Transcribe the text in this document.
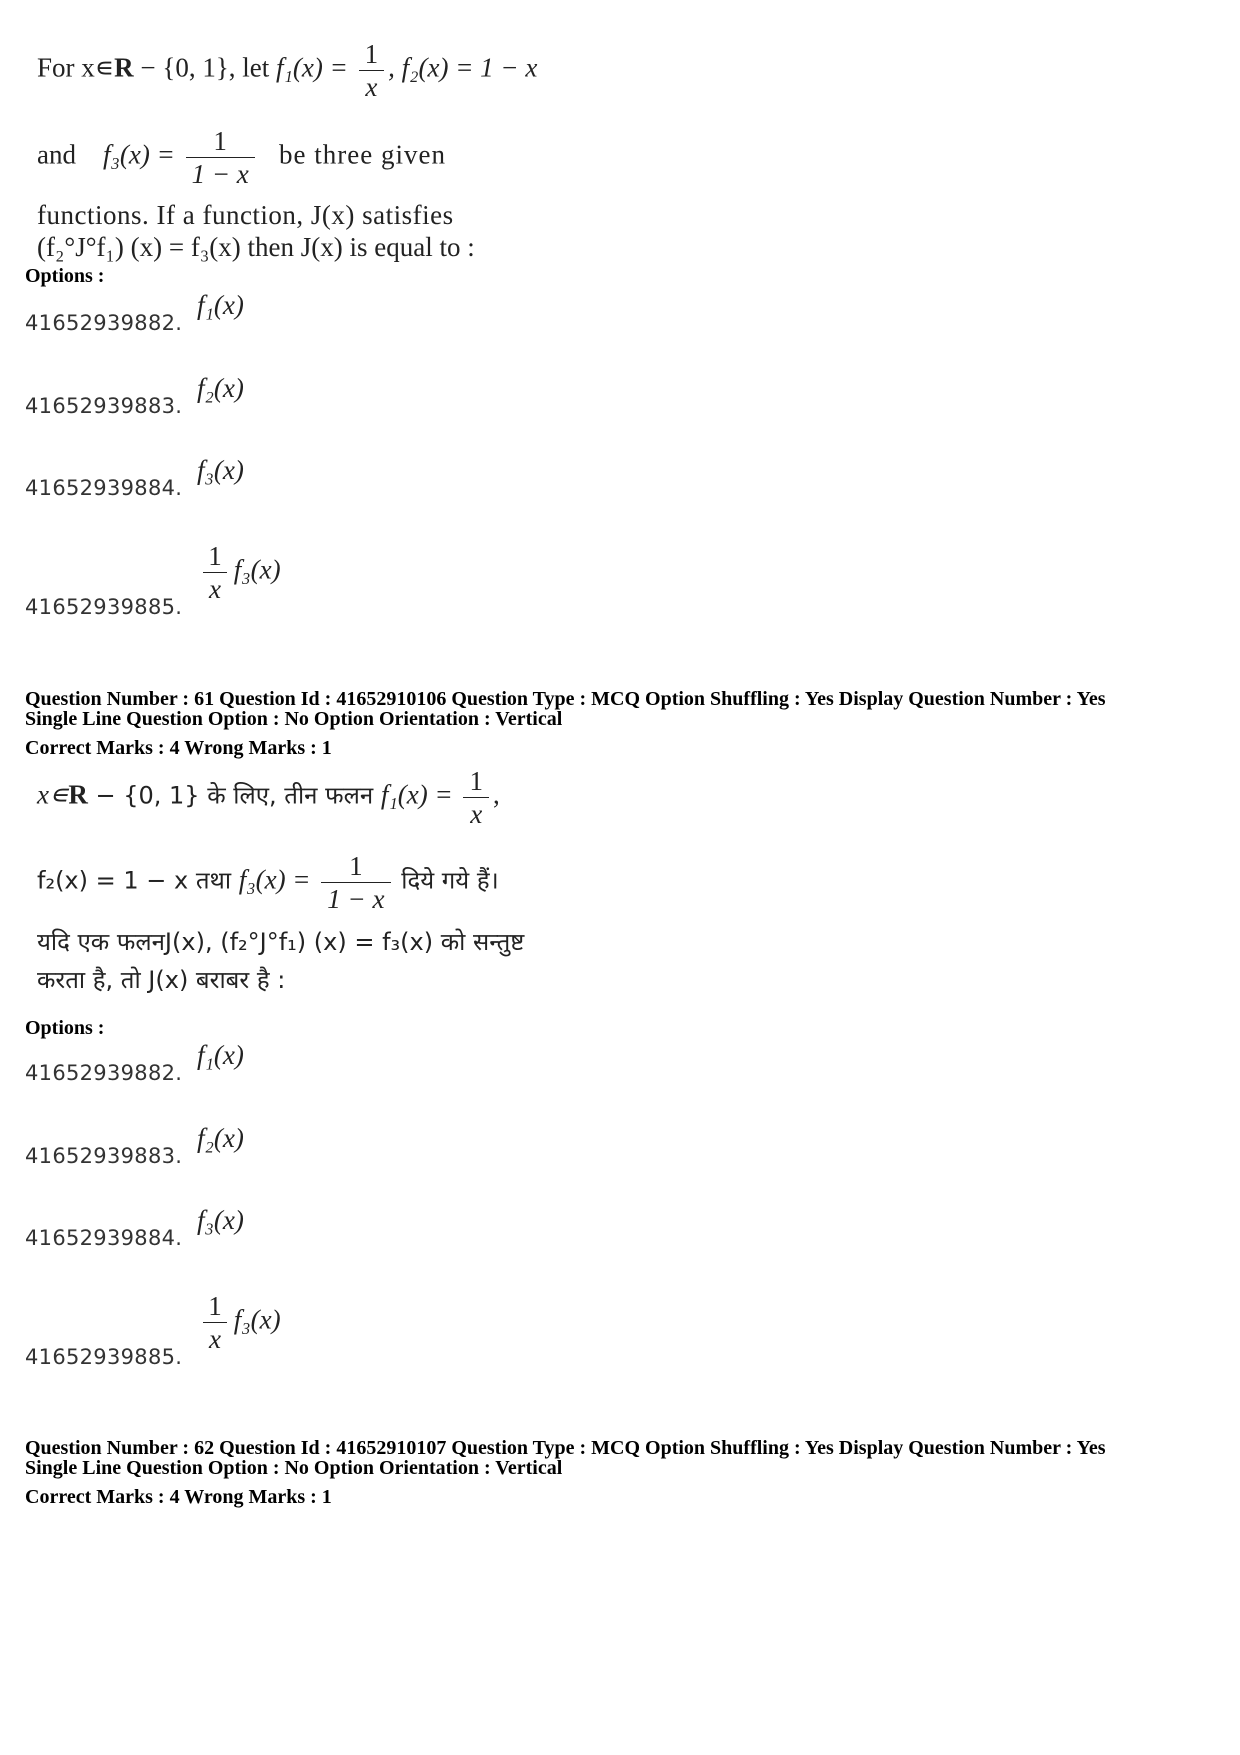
For x∊R − {0, 1}, let $f_1(x) = \frac{1}{x}$ , f₂(x) = 1 − x
and $f_3(x) = \frac{1}{1 - x}$ be three given
functions. If a function, J(x) satisfies
(f₂°J°f₁) (x) = f₃(x) then J(x) is equal to :
Options :
41652939882.
f₁(x)
41652939883.
f₂(x)
41652939884.
f₃(x)
41652939885.
$\frac{1}{x} f_3(x)$
Question Number : 61 Question Id : 41652910106 Question Type : MCQ Option Shuffling : Yes Display Question Number : Yes
Single Line Question Option : No Option Orientation : Vertical
Correct Marks : 4 Wrong Marks : 1
x∊R − {0, 1} के लिए, तीन फलन $f_1(x) = \frac{1}{x}$ ,
f₂(x) = 1 − x तथा $f_3(x) = \frac{1}{1 - x}$ दिये गये हैं।
यदि एक फलनJ(x), (f₂°J°f₁) (x) = f₃(x) को सन्तुष्ट
करता है, तो J(x) बराबर है :
Options :
41652939882.
f₁(x)
41652939883.
f₂(x)
41652939884.
f₃(x)
41652939885.
$\frac{1}{x} f_3(x)$
Question Number : 62 Question Id : 41652910107 Question Type : MCQ Option Shuffling : Yes Display Question Number : Yes
Single Line Question Option : No Option Orientation : Vertical
Correct Marks : 4 Wrong Marks : 1
